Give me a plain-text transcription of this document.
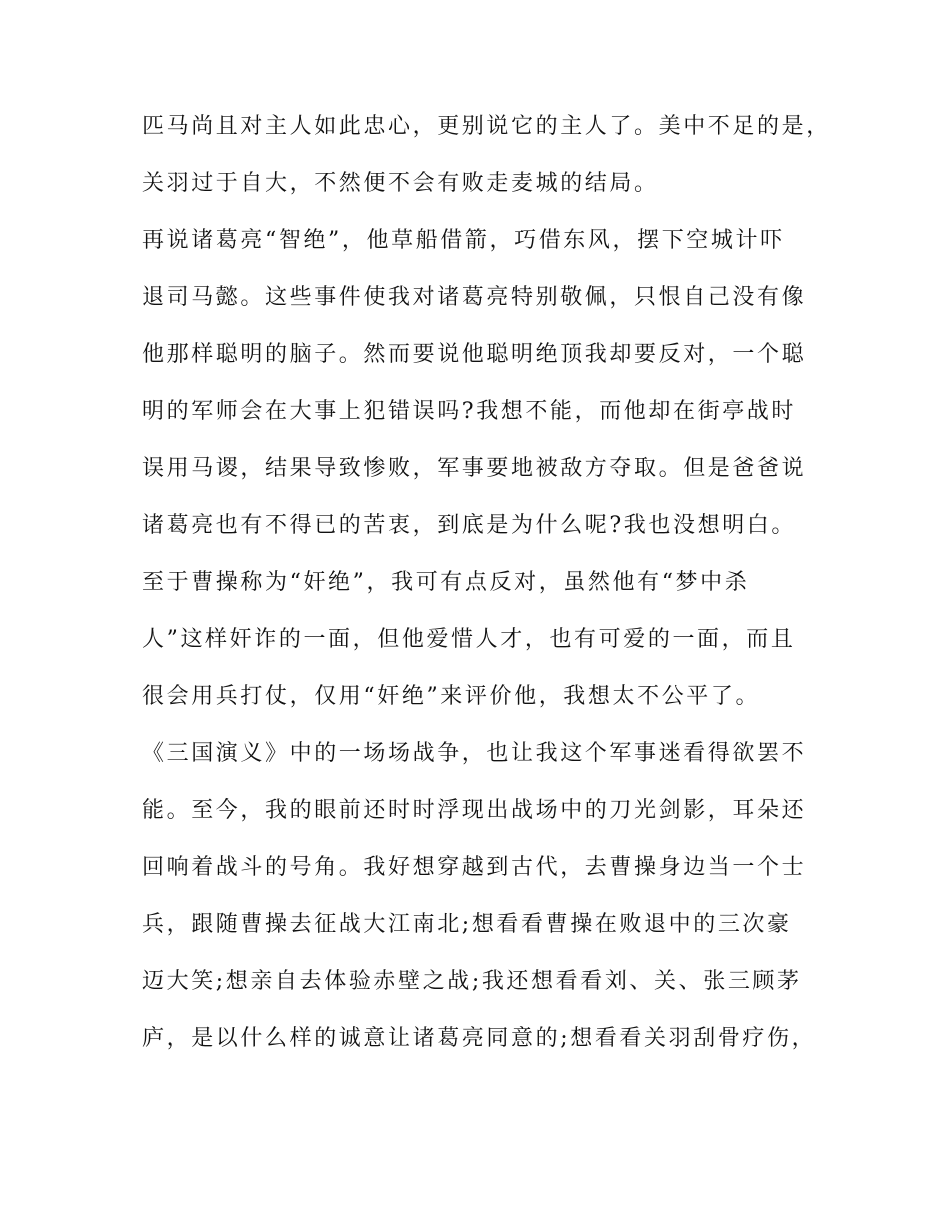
匹马尚且对主人如此忠心，更别说它的主人了。美中不足的是，
关羽过于自大，不然便不会有败走麦城的结局。
再说诸葛亮“智绝”，他草船借箭，巧借东风，摆下空城计吓
退司马懿。这些事件使我对诸葛亮特别敬佩，只恨自己没有像
他那样聪明的脑子。然而要说他聪明绝顶我却要反对，一个聪
明的军师会在大事上犯错误吗?我想不能，而他却在街亭战时
误用马谡，结果导致惨败，军事要地被敌方夺取。但是爸爸说
诸葛亮也有不得已的苦衷，到底是为什么呢?我也没想明白。
至于曹操称为“奸绝”，我可有点反对，虽然他有“梦中杀
人”这样奸诈的一面，但他爱惜人才，也有可爱的一面，而且
很会用兵打仗，仅用“奸绝”来评价他，我想太不公平了。
《三国演义》中的一场场战争，也让我这个军事迷看得欲罢不
能。至今，我的眼前还时时浮现出战场中的刀光剑影，耳朵还
回响着战斗的号角。我好想穿越到古代，去曹操身边当一个士
兵，跟随曹操去征战大江南北;想看看曹操在败退中的三次豪
迈大笑;想亲自去体验赤壁之战;我还想看看刘、关、张三顾茅
庐，是以什么样的诚意让诸葛亮同意的;想看看关羽刮骨疗伤，
